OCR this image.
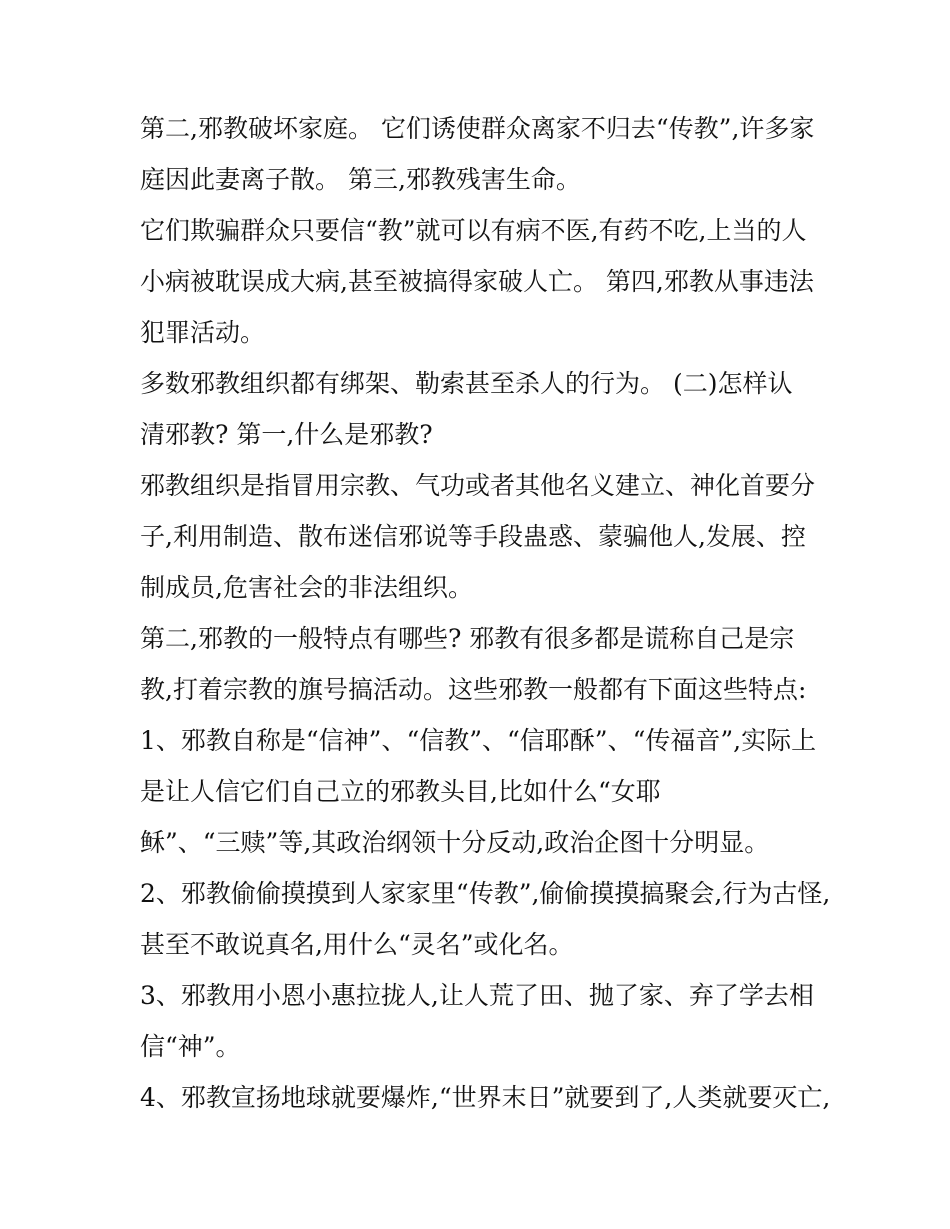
第二,邪教破坏家庭。 它们诱使群众离家不归去“传教”,许多家
庭因此妻离子散。 第三,邪教残害生命。
它们欺骗群众只要信“教”就可以有病不医,有药不吃,上当的人
小病被耽误成大病,甚至被搞得家破人亡。 第四,邪教从事违法
犯罪活动。
多数邪教组织都有绑架、勒索甚至杀人的行为。 (二)怎样认
清邪教? 第一,什么是邪教?
邪教组织是指冒用宗教、气功或者其他名义建立、神化首要分
子,利用制造、散布迷信邪说等手段蛊惑、蒙骗他人,发展、控
制成员,危害社会的非法组织。
第二,邪教的一般特点有哪些? 邪教有很多都是谎称自己是宗
教,打着宗教的旗号搞活动。这些邪教一般都有下面这些特点:
1、邪教自称是“信神”、“信教”、“信耶酥”、“传福音”,实际上
是让人信它们自己立的邪教头目,比如什么“女耶
稣”、“三赎”等,其政治纲领十分反动,政治企图十分明显。
2、邪教偷偷摸摸到人家家里“传教”,偷偷摸摸搞聚会,行为古怪,
甚至不敢说真名,用什么“灵名”或化名。
3、邪教用小恩小惠拉拢人,让人荒了田、抛了家、弃了学去相
信“神”。
4、邪教宣扬地球就要爆炸,“世界末日”就要到了,人类就要灭亡,
